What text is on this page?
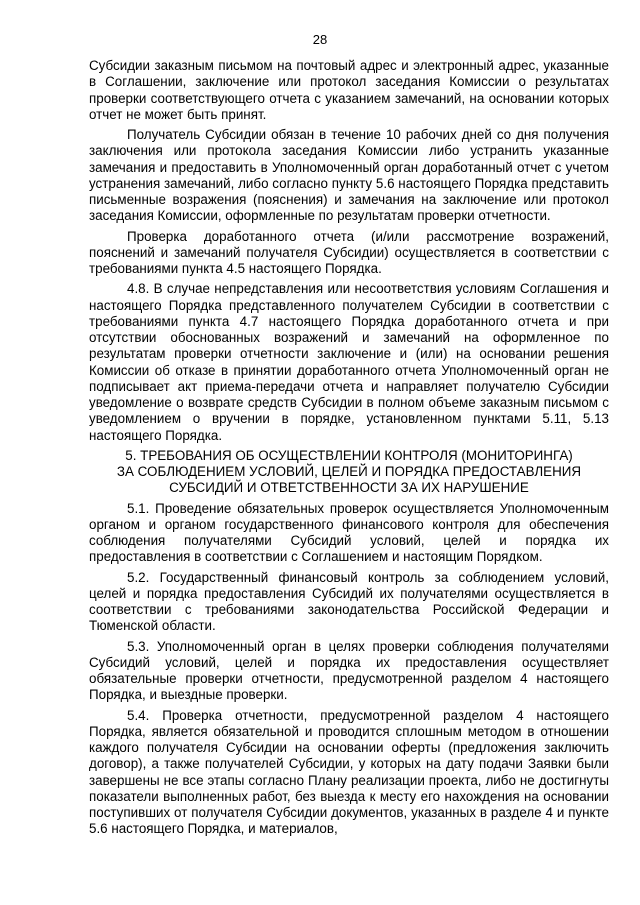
28

Субсидии заказным письмом на почтовый адрес и электронный адрес, указанные в Соглашении, заключение или протокол заседания Комиссии о результатах проверки соответствующего отчета с указанием замечаний, на основании которых отчет не может быть принят.

Получатель Субсидии обязан в течение 10 рабочих дней со дня получения заключения или протокола заседания Комиссии либо устранить указанные замечания и предоставить в Уполномоченный орган доработанный отчет с учетом устранения замечаний, либо согласно пункту 5.6 настоящего Порядка представить письменные возражения (пояснения) и замечания на заключение или протокол заседания Комиссии, оформленные по результатам проверки отчетности.

Проверка доработанного отчета (и/или рассмотрение возражений, пояснений и замечаний получателя Субсидии) осуществляется в соответствии с требованиями пункта 4.5 настоящего Порядка.

4.8. В случае непредставления или несоответствия условиям Соглашения и настоящего Порядка представленного получателем Субсидии в соответствии с требованиями пункта 4.7 настоящего Порядка доработанного отчета и при отсутствии обоснованных возражений и замечаний на оформленное по результатам проверки отчетности заключение и (или) на основании решения Комиссии об отказе в принятии доработанного отчета Уполномоченный орган не подписывает акт приема-передачи отчета и направляет получателю Субсидии уведомление о возврате средств Субсидии в полном объеме заказным письмом с уведомлением о вручении в порядке, установленном пунктами 5.11, 5.13 настоящего Порядка.

5. ТРЕБОВАНИЯ ОБ ОСУЩЕСТВЛЕНИИ КОНТРОЛЯ (МОНИТОРИНГА)
ЗА СОБЛЮДЕНИЕМ УСЛОВИЙ, ЦЕЛЕЙ И ПОРЯДКА ПРЕДОСТАВЛЕНИЯ
СУБСИДИЙ И ОТВЕТСТВЕННОСТИ ЗА ИХ НАРУШЕНИЕ

5.1. Проведение обязательных проверок осуществляется Уполномоченным органом и органом государственного финансового контроля для обеспечения соблюдения получателями Субсидий условий, целей и порядка их предоставления в соответствии с Соглашением и настоящим Порядком.

5.2. Государственный финансовый контроль за соблюдением условий, целей и порядка предоставления Субсидий их получателями осуществляется в соответствии с требованиями законодательства Российской Федерации и Тюменской области.

5.3. Уполномоченный орган в целях проверки соблюдения получателями Субсидий условий, целей и порядка их предоставления осуществляет обязательные проверки отчетности, предусмотренной разделом 4 настоящего Порядка, и выездные проверки.

5.4. Проверка отчетности, предусмотренной разделом 4 настоящего Порядка, является обязательной и проводится сплошным методом в отношении каждого получателя Субсидии на основании оферты (предложения заключить договор), а также получателей Субсидии, у которых на дату подачи Заявки были завершены не все этапы согласно Плану реализации проекта, либо не достигнуты показатели выполненных работ, без выезда к месту его нахождения на основании поступивших от получателя Субсидии документов, указанных в разделе 4 и пункте 5.6 настоящего Порядка, и материалов,
